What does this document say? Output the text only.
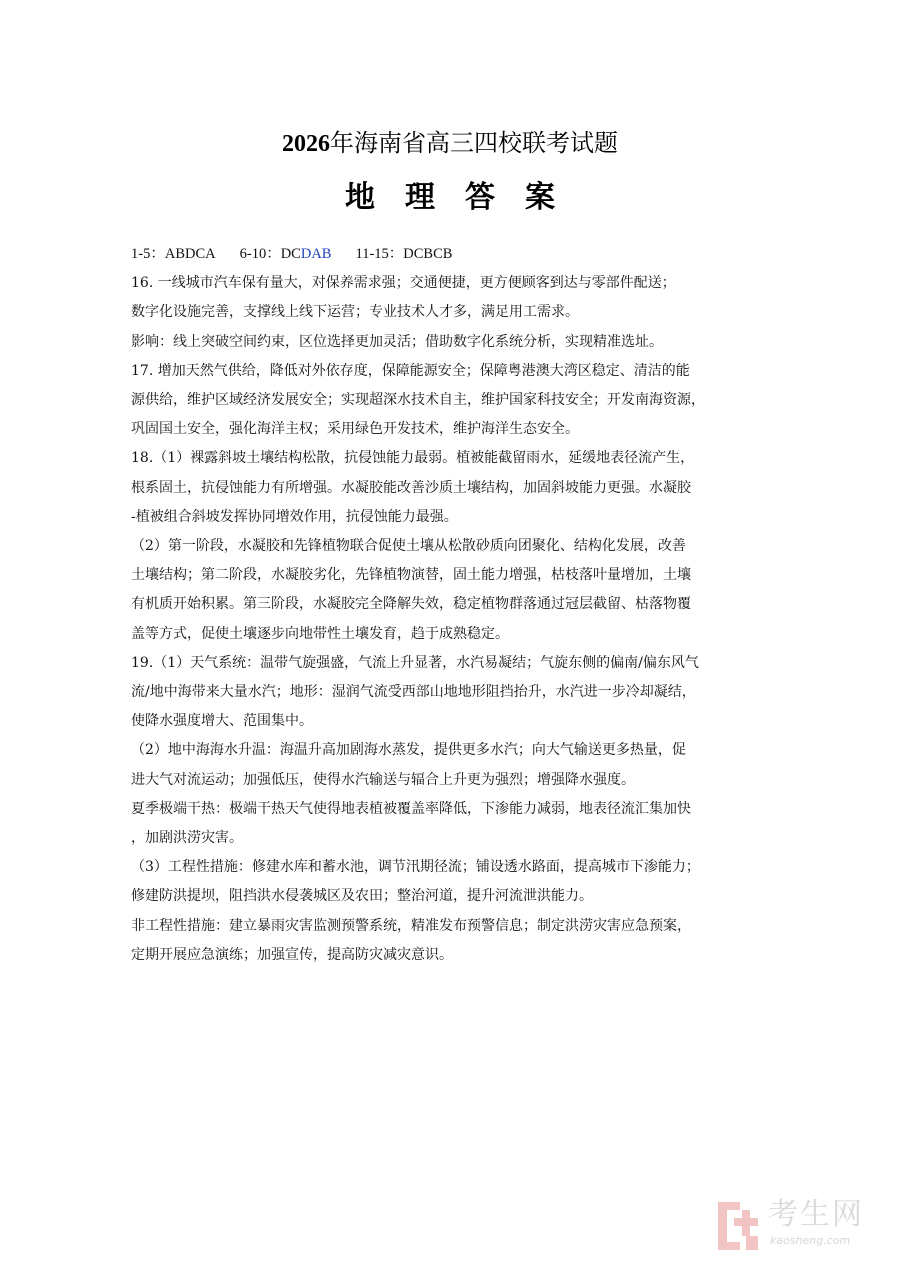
2026年海南省高三四校联考试题
地理答案

1-5：ABDCA 6-10：DCDAB 11-15：DCBCB

16. 一线城市汽车保有量大，对保养需求强；交通便捷，更方便顾客到达与零部件配送；

数字化设施完善，支撑线上线下运营；专业技术人才多，满足用工需求。

影响：线上突破空间约束，区位选择更加灵活；借助数字化系统分析，实现精准选址。

17. 增加天然气供给，降低对外依存度，保障能源安全；保障粤港澳大湾区稳定、清洁的能

源供给，维护区域经济发展安全；实现超深水技术自主，维护国家科技安全；开发南海资源，

巩固国土安全，强化海洋主权；采用绿色开发技术，维护海洋生态安全。

18.（1）裸露斜坡土壤结构松散，抗侵蚀能力最弱。植被能截留雨水，延缓地表径流产生，

根系固土，抗侵蚀能力有所增强。水凝胶能改善沙质土壤结构，加固斜坡能力更强。水凝胶

-植被组合斜坡发挥协同增效作用，抗侵蚀能力最强。

（2）第一阶段，水凝胶和先锋植物联合促使土壤从松散砂质向团聚化、结构化发展，改善

土壤结构；第二阶段，水凝胶劣化，先锋植物演替，固土能力增强，枯枝落叶量增加，土壤

有机质开始积累。第三阶段，水凝胶完全降解失效，稳定植物群落通过冠层截留、枯落物覆

盖等方式，促使土壤逐步向地带性土壤发育，趋于成熟稳定。

19.（1）天气系统：温带气旋强盛，气流上升显著，水汽易凝结；气旋东侧的偏南/偏东风气

流/地中海带来大量水汽；地形：湿润气流受西部山地地形阻挡抬升，水汽进一步冷却凝结，

使降水强度增大、范围集中。

（2）地中海海水升温：海温升高加剧海水蒸发，提供更多水汽；向大气输送更多热量，促

进大气对流运动；加强低压，使得水汽输送与辐合上升更为强烈；增强降水强度。

夏季极端干热：极端干热天气使得地表植被覆盖率降低，下渗能力减弱，地表径流汇集加快

，加剧洪涝灾害。

（3）工程性措施：修建水库和蓄水池，调节汛期径流；铺设透水路面，提高城市下渗能力；

修建防洪提坝，阻挡洪水侵袭城区及农田；整治河道，提升河流泄洪能力。

非工程性措施：建立暴雨灾害监测预警系统，精准发布预警信息；制定洪涝灾害应急预案，

定期开展应急演练；加强宣传，提高防灾减灾意识。

考生网
kaosheng.com
